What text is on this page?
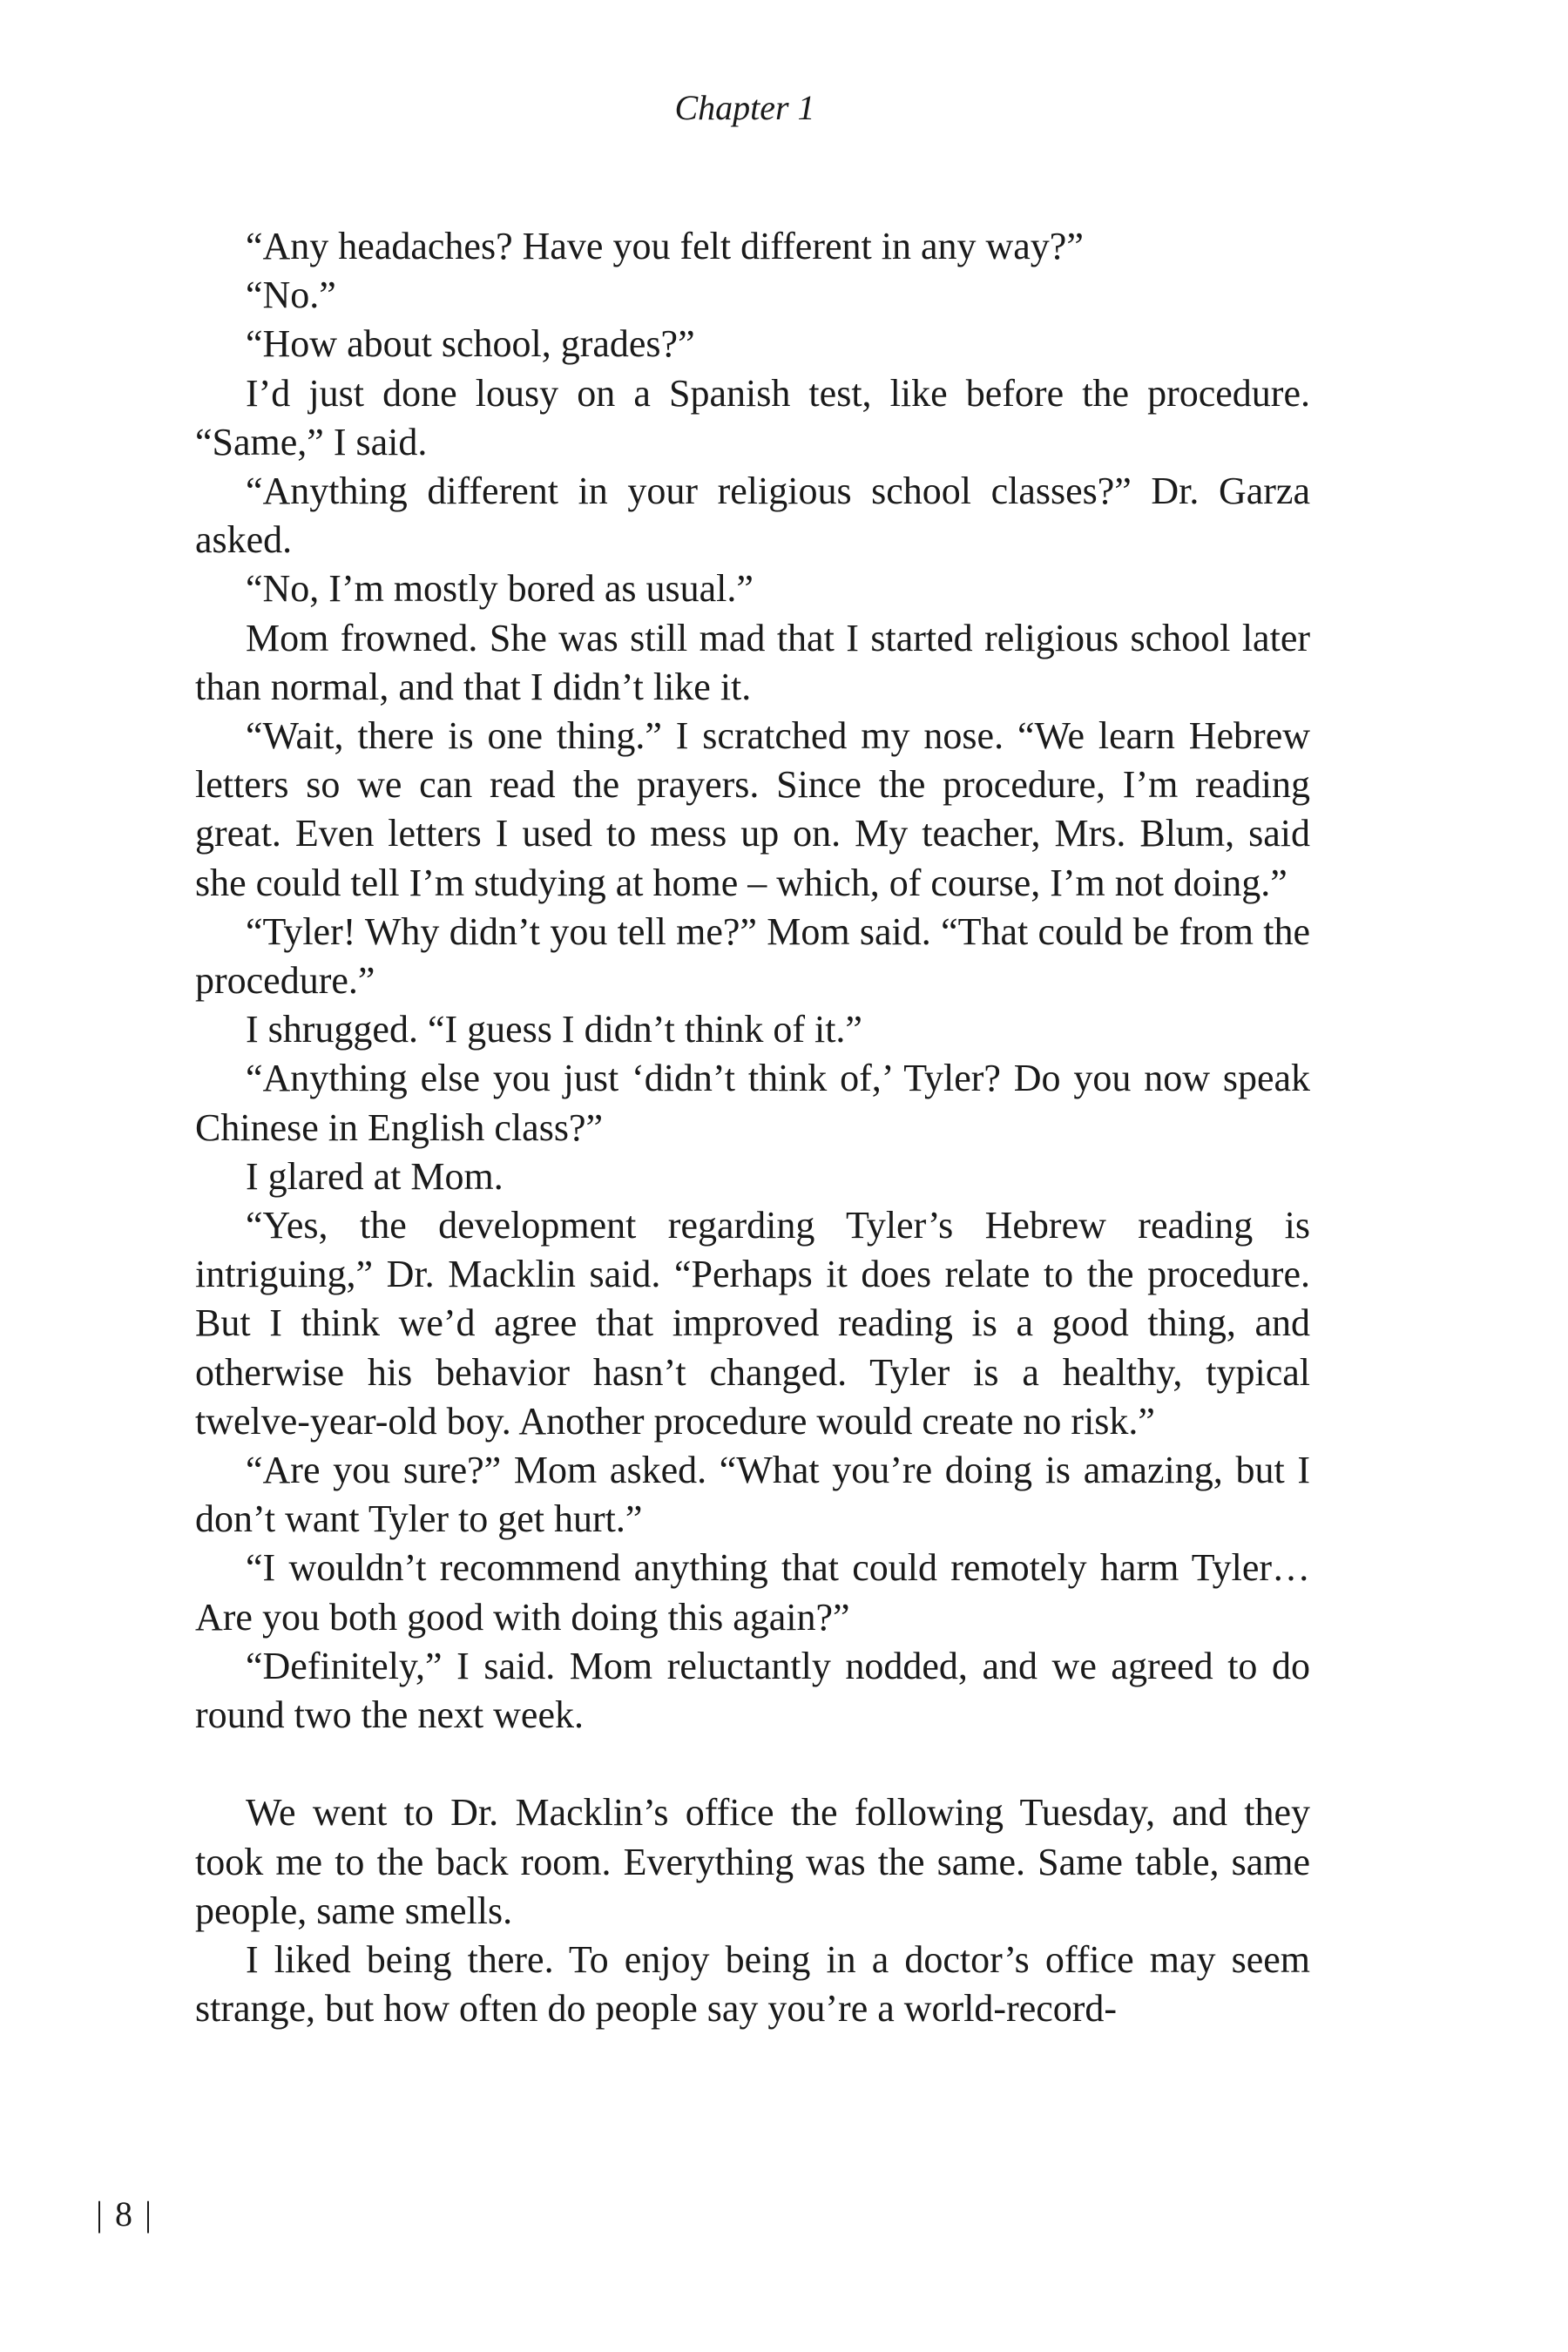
Chapter 1

“Any headaches? Have you felt different in any way?”

“No.”

“How about school, grades?”

I’d just done lousy on a Spanish test, like before the procedure. “Same,” I said.

“Anything different in your religious school classes?” Dr. Garza asked.

“No, I’m mostly bored as usual.”

Mom frowned. She was still mad that I started religious school later than normal, and that I didn’t like it.

“Wait, there is one thing.” I scratched my nose. “We learn Hebrew letters so we can read the prayers. Since the procedure, I’m reading great. Even letters I used to mess up on. My teacher, Mrs. Blum, said she could tell I’m studying at home – which, of course, I’m not doing.”

“Tyler! Why didn’t you tell me?” Mom said. “That could be from the procedure.”

I shrugged. “I guess I didn’t think of it.”

“Anything else you just ‘didn’t think of,’ Tyler? Do you now speak Chinese in English class?”

I glared at Mom.

“Yes, the development regarding Tyler’s Hebrew reading is intriguing,” Dr. Macklin said. “Perhaps it does relate to the procedure. But I think we’d agree that improved reading is a good thing, and otherwise his behavior hasn’t changed. Tyler is a healthy, typical twelve-year-old boy. Another procedure would create no risk.”

“Are you sure?” Mom asked. “What you’re doing is amazing, but I don’t want Tyler to get hurt.”

“I wouldn’t recommend anything that could remotely harm Tyler… Are you both good with doing this again?”

“Definitely,” I said. Mom reluctantly nodded, and we agreed to do round two the next week.

We went to Dr. Macklin’s office the following Tuesday, and they took me to the back room. Everything was the same. Same table, same people, same smells.

I liked being there. To enjoy being in a doctor’s office may seem strange, but how often do people say you’re a world-record-

| 8 |
